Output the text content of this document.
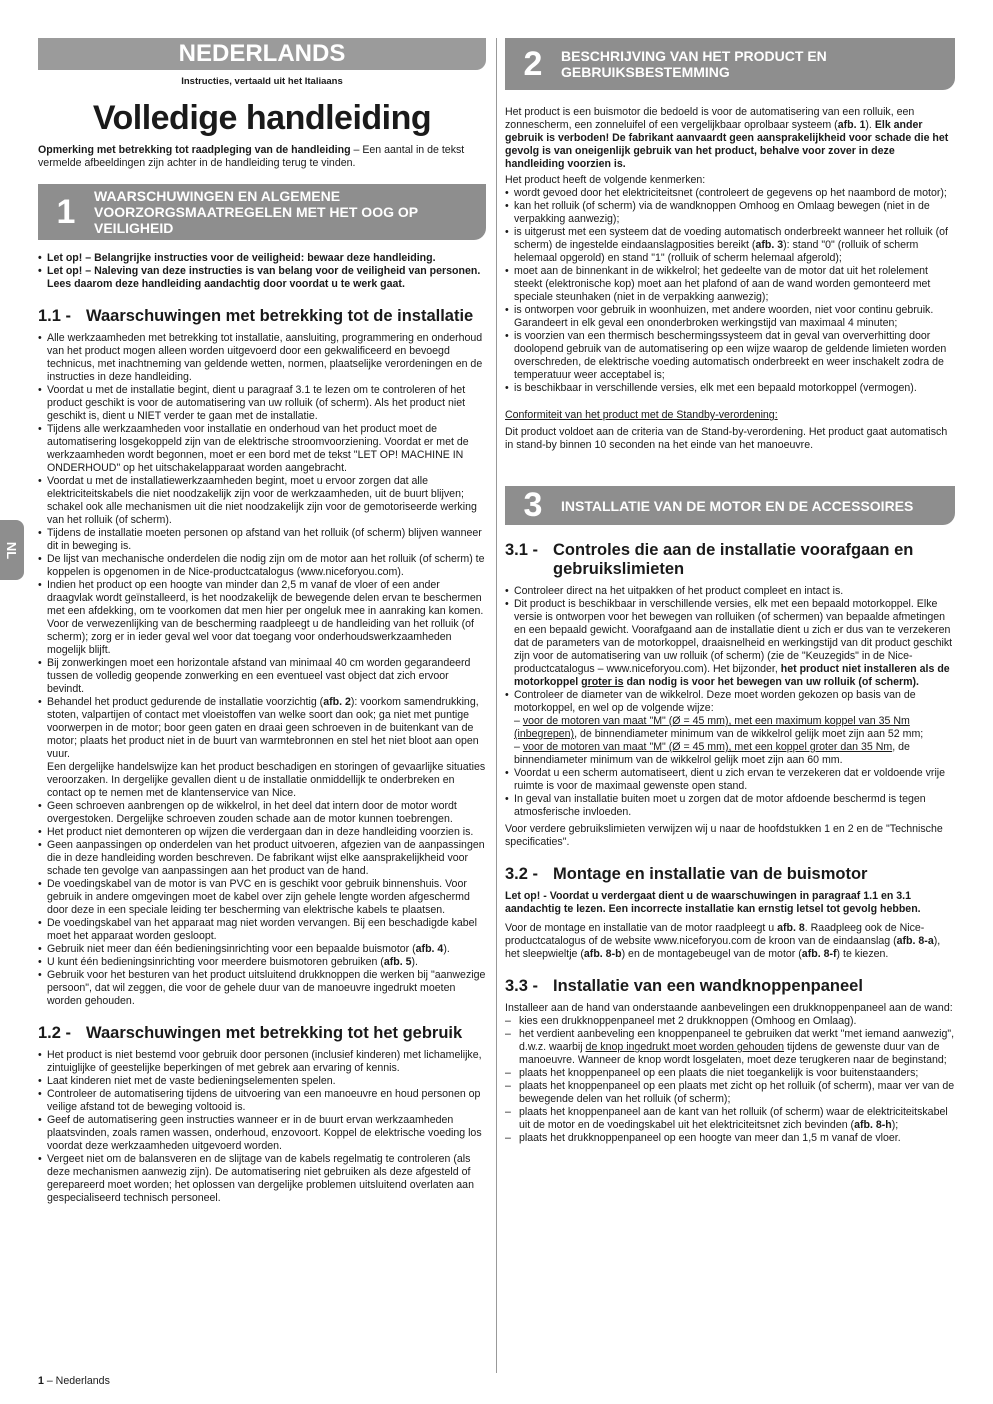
NL
NEDERLANDS
Instructies, vertaald uit het Italiaans
Volledige handleiding

Opmerking met betrekking tot raadpleging van de handleiding – Een aantal in de tekst vermelde afbeeldingen zijn achter in de handleiding terug te vinden.

1	WAARSCHUWINGEN EN ALGEMENE VOORZORGSMAATREGELEN MET HET OOG OP VEILIGHEID
• Let op! – Belangrijke instructies voor de veiligheid: bewaar deze handleiding.
• Let op! – Naleving van deze instructies is van belang voor de veiligheid van personen. Lees daarom deze handleiding aandachtig door voordat u te werk gaat.
1.1 - Waarschuwingen met betrekking tot de installatie
• Alle werkzaamheden met betrekking tot installatie, aansluiting, programmering en onderhoud van het product mogen alleen worden uitgevoerd door een gekwalificeerd en bevoegd technicus, met inachtneming van geldende wetten, normen, plaatselijke verordeningen en de instructies in deze handleiding.
• Voordat u met de installatie begint, dient u paragraaf 3.1 te lezen om te controleren of het product geschikt is voor de automatisering van uw rolluik (of scherm). Als het product niet geschikt is, dient u NIET verder te gaan met de installatie.
• Tijdens alle werkzaamheden voor installatie en onderhoud van het product moet de automatisering losgekoppeld zijn van de elektrische stroomvoorziening. Voordat er met de werkzaamheden wordt begonnen, moet er een bord met de tekst "LET OP! MACHINE IN ONDERHOUD" op het uitschakelapparaat worden aangebracht.
• Voordat u met de installatiewerkzaamheden begint, moet u ervoor zorgen dat alle elektriciteitskabels die niet noodzakelijk zijn voor de werkzaamheden, uit de buurt blijven; schakel ook alle mechanismen uit die niet noodzakelijk zijn voor de gemotoriseerde werking van het rolluik (of scherm).
• Tijdens de installatie moeten personen op afstand van het rolluik (of scherm) blijven wanneer dit in beweging is.
• De lijst van mechanische onderdelen die nodig zijn om de motor aan het rolluik (of scherm) te koppelen is opgenomen in de Nice-productcatalogus (www.niceforyou.com).
• Indien het product op een hoogte van minder dan 2,5 m vanaf de vloer of een ander draagvlak wordt geïnstalleerd, is het noodzakelijk de bewegende delen ervan te beschermen met een afdekking, om te voorkomen dat men hier per ongeluk mee in aanraking kan komen. Voor de verwezenlijking van de bescherming raadpleegt u de handleiding van het rolluik (of scherm); zorg er in ieder geval wel voor dat toegang voor onderhoudswerkzaamheden mogelijk blijft.
• Bij zonwerkingen moet een horizontale afstand van minimaal 40 cm worden gegarandeerd tussen de volledig geopende zonwerking en een eventueel vast object dat zich ervoor bevindt.
• Behandel het product gedurende de installatie voorzichtig (afb. 2): voorkom samendrukking, stoten, valpartijen of contact met vloeistoffen van welke soort dan ook; ga niet met puntige voorwerpen in de motor; boor geen gaten en draai geen schroeven in de buitenkant van de motor; plaats het product niet in de buurt van warmtebronnen en stel het niet bloot aan open vuur.
Een dergelijke handelswijze kan het product beschadigen en storingen of gevaarlijke situaties veroorzaken. In dergelijke gevallen dient u de installatie onmiddellijk te onderbreken en contact op te nemen met de klantenservice van Nice.
• Geen schroeven aanbrengen op de wikkelrol, in het deel dat intern door de motor wordt overgestoken. Dergelijke schroeven zouden schade aan de motor kunnen toebrengen.
• Het product niet demonteren op wijzen die verdergaan dan in deze handleiding voorzien is.
• Geen aanpassingen op onderdelen van het product uitvoeren, afgezien van de aanpassingen die in deze handleiding worden beschreven. De fabrikant wijst elke aansprakelijkheid voor schade ten gevolge van aanpassingen aan het product van de hand.
• De voedingskabel van de motor is van PVC en is geschikt voor gebruik binnenshuis. Voor gebruik in andere omgevingen moet de kabel over zijn gehele lengte worden afgeschermd door deze in een speciale leiding ter bescherming van elektrische kabels te plaatsen.
• De voedingskabel van het apparaat mag niet worden vervangen. Bij een beschadigde kabel moet het apparaat worden gesloopt.
• Gebruik niet meer dan één bedieningsinrichting voor een bepaalde buismotor (afb. 4).
• U kunt één bedieningsinrichting voor meerdere buismotoren gebruiken (afb. 5).
• Gebruik voor het besturen van het product uitsluitend drukknoppen die werken bij "aanwezige persoon", dat wil zeggen, die voor de gehele duur van de manoeuvre ingedrukt moeten worden gehouden.
1.2 - Waarschuwingen met betrekking tot het gebruik
• Het product is niet bestemd voor gebruik door personen (inclusief kinderen) met lichamelijke, zintuiglijke of geestelijke beperkingen of met gebrek aan ervaring of kennis.
• Laat kinderen niet met de vaste bedieningselementen spelen.
• Controleer de automatisering tijdens de uitvoering van een manoeuvre en houd personen op veilige afstand tot de beweging voltooid is.
• Geef de automatisering geen instructies wanneer er in de buurt ervan werkzaamheden plaatsvinden, zoals ramen wassen, onderhoud, enzovoort. Koppel de elektrische voeding los voordat deze werkzaamheden uitgevoerd worden.
• Vergeet niet om de balansveren en de slijtage van de kabels regelmatig te controleren (als deze mechanismen aanwezig zijn). De automatisering niet gebruiken als deze afgesteld of gerepareerd moet worden; het oplossen van dergelijke problemen uitsluitend overlaten aan gespecialiseerd technisch personeel.
2	BESCHRIJVING VAN HET PRODUCT EN GEBRUIKSBESTEMMING

Het product is een buismotor die bedoeld is voor de automatisering van een rolluik, een zonnescherm, een zonneluifel of een vergelijkbaar oprolbaar systeem (afb. 1). Elk ander gebruik is verboden! De fabrikant aanvaardt geen aansprakelijkheid voor schade die het gevolg is van oneigenlijk gebruik van het product, behalve voor zover in deze handleiding voorzien is.

Het product heeft de volgende kenmerken:

• wordt gevoed door het elektriciteitsnet (controleert de gegevens op het naambord de motor);
• kan het rolluik (of scherm) via de wandknoppen Omhoog en Omlaag bewegen (niet in de verpakking aanwezig);
• is uitgerust met een systeem dat de voeding automatisch onderbreekt wanneer het rolluik (of scherm) de ingestelde eindaanslagposities bereikt (afb. 3): stand "0" (rolluik of scherm helemaal opgerold) en stand "1" (rolluik of scherm helemaal afgerold);
• moet aan de binnenkant in de wikkelrol; het gedeelte van de motor dat uit het rolelement steekt (elektronische kop) moet aan het plafond of aan de wand worden gemonteerd met speciale steunhaken (niet in de verpakking aanwezig);
• is ontworpen voor gebruik in woonhuizen, met andere woorden, niet voor continu gebruik. Garandeert in elk geval een ononderbroken werkingstijd van maximaal 4 minuten;
• is voorzien van een thermisch beschermingssysteem dat in geval van oververhitting door doolopend gebruik van de automatisering op een wijze waarop de geldende limieten worden overschreden, de elektrische voeding automatisch onderbreekt en weer inschakelt zodra de temperatuur weer acceptabel is;
• is beschikbaar in verschillende versies, elk met een bepaald motorkoppel (vermogen).

Conformiteit van het product met de Standby-verordening:

Dit product voldoet aan de criteria van de Stand-by-verordening. Het product gaat automatisch in stand-by binnen 10 seconden na het einde van het manoeuvre.

3	INSTALLATIE VAN DE MOTOR EN DE ACCESSOIRES
3.1 - Controles die aan de installatie voorafgaan en gebruikslimieten
• Controleer direct na het uitpakken of het product compleet en intact is.
• Dit product is beschikbaar in verschillende versies, elk met een bepaald motorkoppel. Elke versie is ontworpen voor het bewegen van rolluiken (of schermen) van bepaalde afmetingen en een bepaald gewicht. Voorafgaand aan de installatie dient u zich er dus van te verzekeren dat de parameters van de motorkoppel, draaisnelheid en werkingstijd van dit product geschikt zijn voor de automatisering van uw rolluik (of scherm) (zie de "Keuzegids" in de Nice-productcatalogus – www.niceforyou.com). Het bijzonder, het product niet installeren als de motorkoppel groter is dan nodig is voor het bewegen van uw rolluik (of scherm).
• Controleer de diameter van de wikkelrol. Deze moet worden gekozen op basis van de motorkoppel, en wel op de volgende wijze:
– voor de motoren van maat "M" (Ø = 45 mm), met een maximum koppel van 35 Nm (inbegrepen), de binnendiameter minimum van de wikkelrol gelijk moet zijn aan 52 mm;
– voor de motoren van maat "M" (Ø = 45 mm), met een koppel groter dan 35 Nm, de binnendiameter minimum van de wikkelrol gelijk moet zijn aan 60 mm.
• Voordat u een scherm automatiseert, dient u zich ervan te verzekeren dat er voldoende vrije ruimte is voor de maximaal gewenste open stand.
• In geval van installatie buiten moet u zorgen dat de motor afdoende beschermd is tegen atmosferische invloeden.

Voor verdere gebruikslimieten verwijzen wij u naar de hoofdstukken 1 en 2 en de "Technische specificaties".

3.2 - Montage en installatie van de buismotor

Let op! - Voordat u verdergaat dient u de waarschuwingen in paragraaf 1.1 en 3.1 aandachtig te lezen. Een incorrecte installatie kan ernstig letsel tot gevolg hebben.

Voor de montage en installatie van de motor raadpleegt u afb. 8. Raadpleeg ook de Nice-productcatalogus of de website www.niceforyou.com de kroon van de eindaanslag (afb. 8-a), het sleepwieltje (afb. 8-b) en de montagebeugel van de motor (afb. 8-f) te kiezen.

3.3 - Installatie van een wandknoppenpaneel

Installeer aan de hand van onderstaande aanbevelingen een drukknoppenpaneel aan de wand:

– kies een drukknoppenpaneel met 2 drukknoppen (Omhoog en Omlaag).
– het verdient aanbeveling een knoppenpaneel te gebruiken dat werkt "met iemand aanwezig", d.w.z. waarbij de knop ingedrukt moet worden gehouden tijdens de gewenste duur van de manoeuvre. Wanneer de knop wordt losgelaten, moet deze terugkeren naar de beginstand;
– plaats het knoppenpaneel op een plaats die niet toegankelijk is voor buitenstaanders;
– plaats het knoppenpaneel op een plaats met zicht op het rolluik (of scherm), maar ver van de bewegende delen van het rolluik (of scherm);
– plaats het knoppenpaneel aan de kant van het rolluik (of scherm) waar de elektriciteitskabel uit de motor en de voedingskabel uit het elektriciteitsnet zich bevinden (afb. 8-h);
– plaats het drukknoppenpaneel op een hoogte van meer dan 1,5 m vanaf de vloer.
1 – Nederlands
